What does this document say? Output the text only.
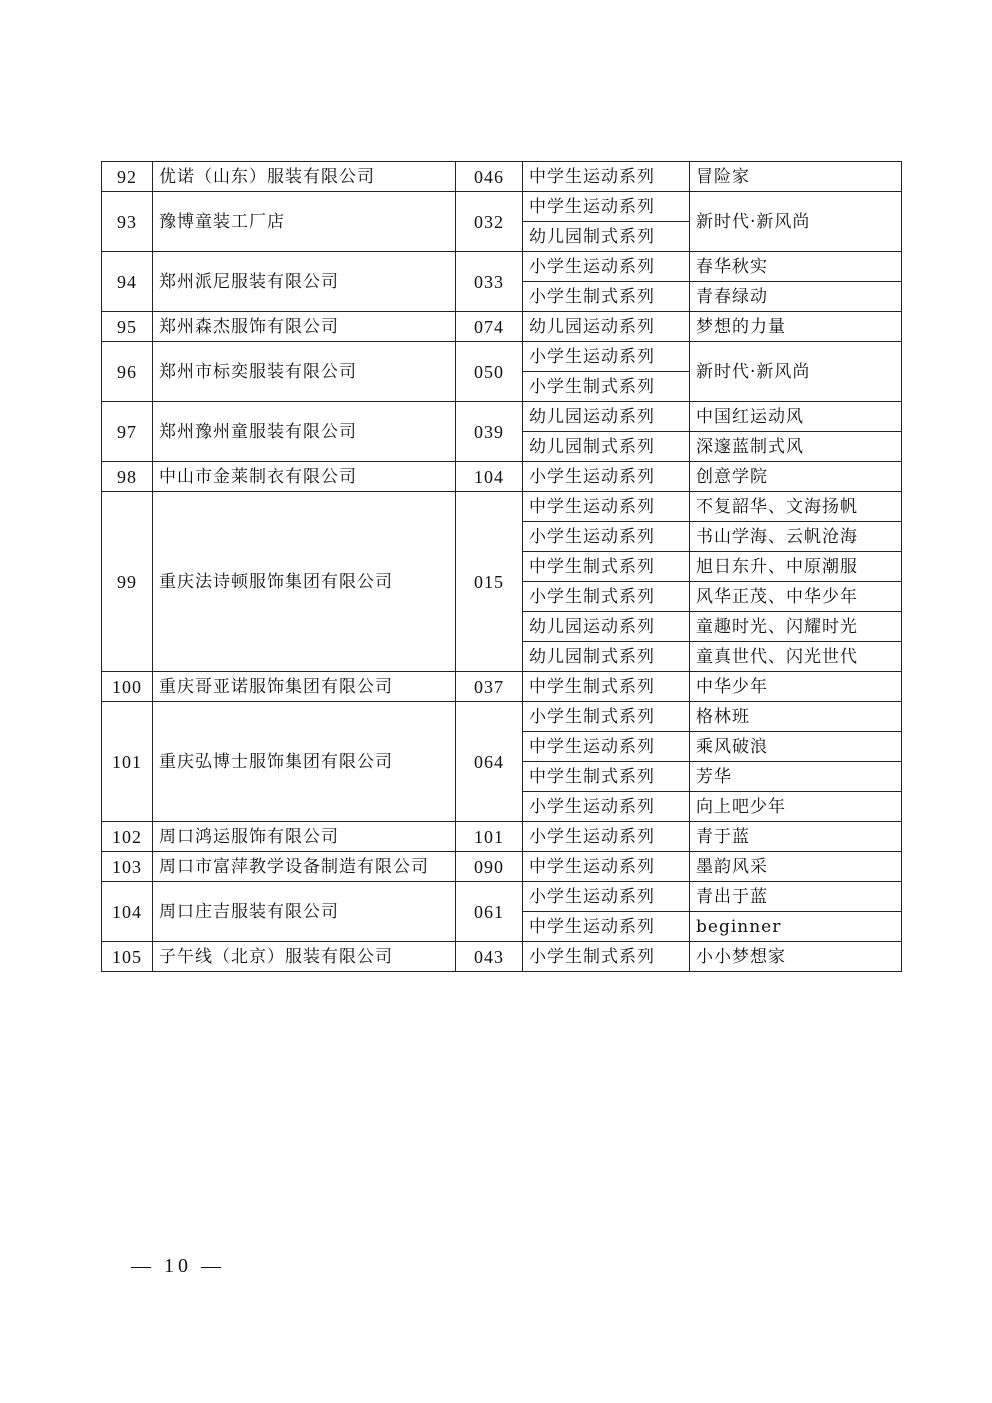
92	优诺（山东）服装有限公司	046	中学生运动系列	冒险家
93	豫博童装工厂店	032	中学生运动系列	新时代·新风尚
			幼儿园制式系列	
94	郑州派尼服装有限公司	033	小学生运动系列	春华秋实
			小学生制式系列	青春绿动
95	郑州森杰服饰有限公司	074	幼儿园运动系列	梦想的力量
96	郑州市标奕服装有限公司	050	小学生运动系列	新时代·新风尚
			小学生制式系列	
97	郑州豫州童服装有限公司	039	幼儿园运动系列	中国红运动风
			幼儿园制式系列	深邃蓝制式风
98	中山市金莱制衣有限公司	104	小学生运动系列	创意学院
99	重庆法诗顿服饰集团有限公司	015	中学生运动系列	不复韶华、文海扬帆
			小学生运动系列	书山学海、云帆沧海
			中学生制式系列	旭日东升、中原潮服
			小学生制式系列	风华正茂、中华少年
			幼儿园运动系列	童趣时光、闪耀时光
			幼儿园制式系列	童真世代、闪光世代
100	重庆哥亚诺服饰集团有限公司	037	中学生制式系列	中华少年
101	重庆弘博士服饰集团有限公司	064	小学生制式系列	格林班
			中学生运动系列	乘风破浪
			中学生制式系列	芳华
			小学生运动系列	向上吧少年
102	周口鸿运服饰有限公司	101	小学生运动系列	青于蓝
103	周口市富萍教学设备制造有限公司	090	中学生运动系列	墨韵风采
104	周口庄吉服装有限公司	061	小学生运动系列	青出于蓝
			中学生运动系列	beginner
105	子午线（北京）服装有限公司	043	小学生制式系列	小小梦想家
— 10 —
